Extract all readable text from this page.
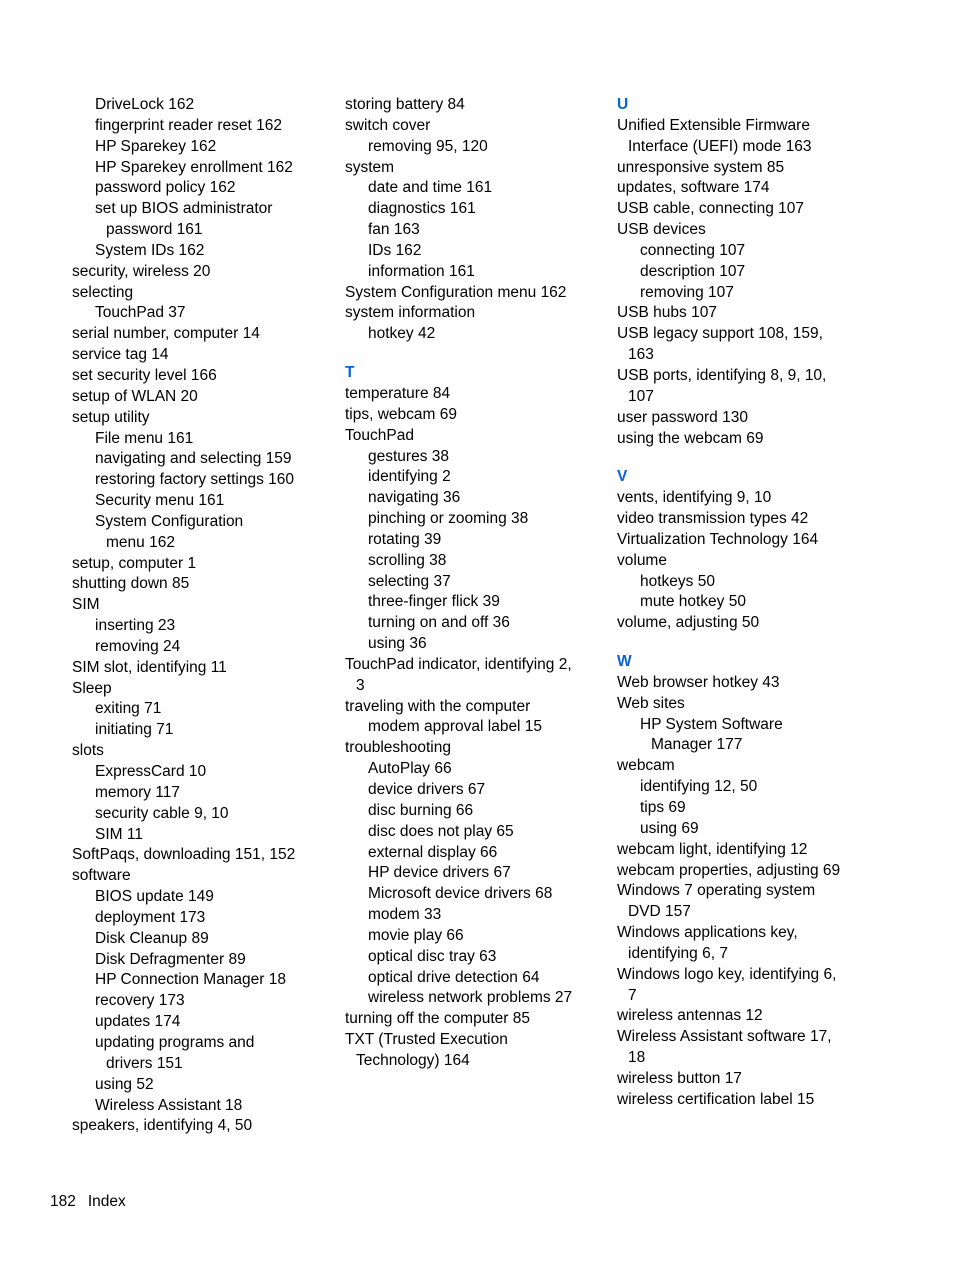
DriveLock 162
fingerprint reader reset 162
HP Sparekey 162
HP Sparekey enrollment 162
password policy 162
set up BIOS administrator
password 161
System IDs 162
security, wireless 20
selecting
TouchPad 37
serial number, computer 14
service tag 14
set security level 166
setup of WLAN 20
setup utility
File menu 161
navigating and selecting 159
restoring factory settings 160
Security menu 161
System Configuration
menu 162
setup, computer 1
shutting down 85
SIM
inserting 23
removing 24
SIM slot, identifying 11
Sleep
exiting 71
initiating 71
slots
ExpressCard 10
memory 117
security cable 9, 10
SIM 11
SoftPaqs, downloading 151, 152
software
BIOS update 149
deployment 173
Disk Cleanup 89
Disk Defragmenter 89
HP Connection Manager 18
recovery 173
updates 174
updating programs and
drivers 151
using 52
Wireless Assistant 18
speakers, identifying 4, 50
storing battery 84
switch cover
removing 95, 120
system
date and time 161
diagnostics 161
fan 163
IDs 162
information 161
System Configuration menu 162
system information
hotkey 42
T
temperature 84
tips, webcam 69
TouchPad
gestures 38
identifying 2
navigating 36
pinching or zooming 38
rotating 39
scrolling 38
selecting 37
three-finger flick 39
turning on and off 36
using 36
TouchPad indicator, identifying 2,
3
traveling with the computer
modem approval label 15
troubleshooting
AutoPlay 66
device drivers 67
disc burning 66
disc does not play 65
external display 66
HP device drivers 67
Microsoft device drivers 68
modem 33
movie play 66
optical disc tray 63
optical drive detection 64
wireless network problems 27
turning off the computer 85
TXT (Trusted Execution
Technology) 164
U
Unified Extensible Firmware
Interface (UEFI) mode 163
unresponsive system 85
updates, software 174
USB cable, connecting 107
USB devices
connecting 107
description 107
removing 107
USB hubs 107
USB legacy support 108, 159,
163
USB ports, identifying 8, 9, 10,
107
user password 130
using the webcam 69
V
vents, identifying 9, 10
video transmission types 42
Virtualization Technology 164
volume
hotkeys 50
mute hotkey 50
volume, adjusting 50
W
Web browser hotkey 43
Web sites
HP System Software
Manager 177
webcam
identifying 12, 50
tips 69
using 69
webcam light, identifying 12
webcam properties, adjusting 69
Windows 7 operating system
DVD 157
Windows applications key,
identifying 6, 7
Windows logo key, identifying 6,
7
wireless antennas 12
Wireless Assistant software 17,
18
wireless button 17
wireless certification label 15
182 Index
